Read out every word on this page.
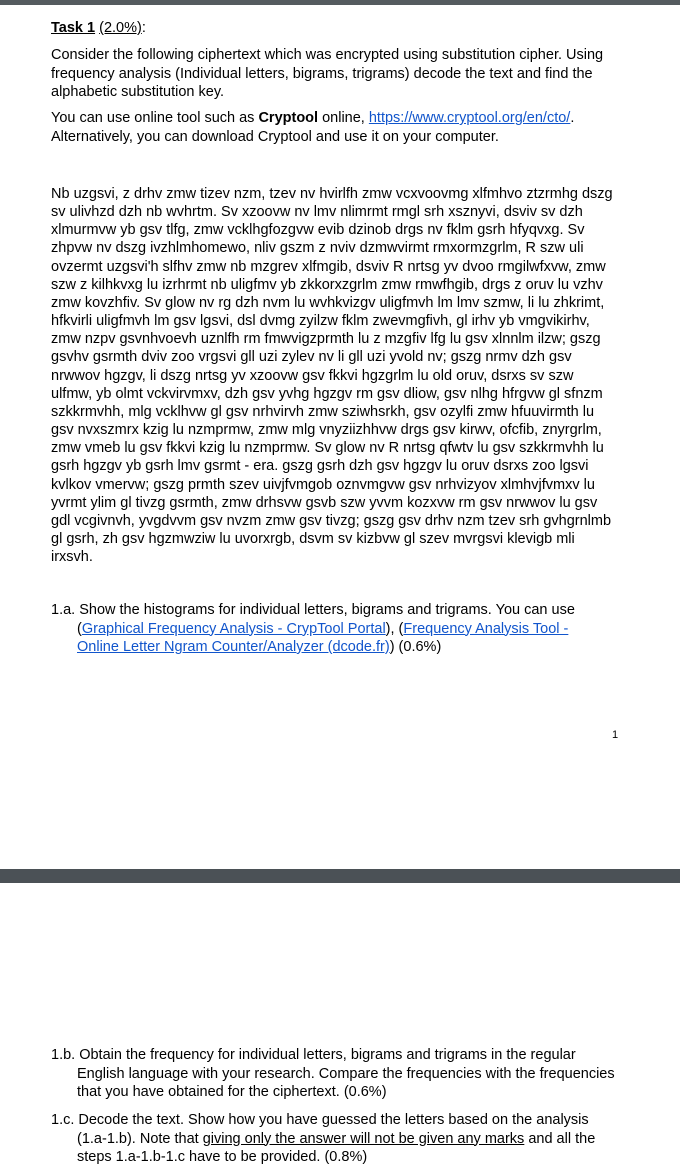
Task 1 (2.0%):
Consider the following ciphertext which was encrypted using substitution cipher. Using frequency analysis (Individual letters, bigrams, trigrams) decode the text and find the alphabetic substitution key.
You can use online tool such as Cryptool online, https://www.cryptool.org/en/cto/.
Alternatively, you can download Cryptool and use it on your computer.
Nb uzgsvi, z drhv zmw tizev nzm, tzev nv hvirlfh zmw vcxvoovmg xlfmhvo ztzrmhg dszg
sv ulivhzd dzh nb wvhrtm. Sv xzoovw nv lmv nlimrmt rmgl srh xsznyvi, dsviv sv dzh
xlmurmvw yb gsv tlfg, zmw vcklhgfozgvw evib dzinob drgs nv fklm gsrh hfyqvxg. Sv
zhpvw nv dszg ivzhlmhomewo, nliv gszm z nviv dzmwvirmt rmxormzgrlm, R szw uli
ovzermt uzgsvi'h slfhv zmw nb mzgrev xlfmgib, dsviv R nrtsg yv dvoo rmgilwfxvw, zmw
szw z kilhkvxg lu izrhrmt nb uligfmv yb zkkorxzgrlm zmw rmwfhgib, drgs z oruv lu vzhv
zmw kovzhfiv. Sv glow nv rg dzh nvm lu wvhkvizgv uligfmvh lm lmv szmw, li lu zhkrimt,
hfkvirli uligfmvh lm gsv lgsvi, dsl dvmg zyilzw fklm zwevmgfivh, gl irhv yb vmgvikirhv,
zmw nzpv gsvnhvoevh uznlfh rm fmwvigzprmth lu z mzgfiv lfg lu gsv xlnnlm ilzw; gszg
gsvhv gsrmth dviv zoo vrgsvi gll uzi zylev nv li gll uzi yvold nv; gszg nrmv dzh gsv
nrwwov hgzgv, li dszg nrtsg yv xzoovw gsv fkkvi hgzgrlm lu old oruv, dsrxs sv szw
ulfmw, yb olmt vckvirvmxv, dzh gsv yvhg hgzgv rm gsv dliow, gsv nlhg hfrgvw gl sfnzm
szkkrmvhh, mlg vcklhvw gl gsv nrhvirvh zmw sziwhsrkh, gsv ozylfi zmw hfuuvirmth lu
gsv nvxszmrx kzig lu nzmprmw, zmw mlg vnyziizhhvw drgs gsv kirwv, ofcfib, znyrgrlm,
zmw vmeb lu gsv fkkvi kzig lu nzmprmw. Sv glow nv R nrtsg qfwtv lu gsv szkkrmvhh lu
gsrh hgzgv yb gsrh lmv gsrmt - era. gszg gsrh dzh gsv hgzgv lu oruv dsrxs zoo lgsvi
kvlkov vmervw; gszg prmth szev uivjfvmgob oznvmgvw gsv nrhvizyov xlmhvjfvmxv lu
yvrmt ylim gl tivzg gsrmth, zmw drhsvw gsvb szw yvvm kozxvw rm gsv nrwwov lu gsv
gdl vcgivnvh, yvgdvvm gsv nvzm zmw gsv tivzg; gszg gsv drhv nzm tzev srh gvhgrnlmb
gl gsrh, zh gsv hgzmwziw lu uvorxrgb, dsvm sv kizbvw gl szev mvrgsvi klevigb mli
irxsvh.
1.a. Show the histograms for individual letters, bigrams and trigrams. You can use
(Graphical Frequency Analysis - CrypTool Portal), (Frequency Analysis Tool -
Online Letter Ngram Counter/Analyzer (dcode.fr)) (0.6%)
1
1.b. Obtain the frequency for individual letters, bigrams and trigrams in the regular
English language with your research. Compare the frequencies with the frequencies
that you have obtained for the ciphertext. (0.6%)
1.c. Decode the text. Show how you have guessed the letters based on the analysis
(1.a-1.b). Note that giving only the answer will not be given any marks and all the
steps 1.a-1.b-1.c have to be provided. (0.8%)
